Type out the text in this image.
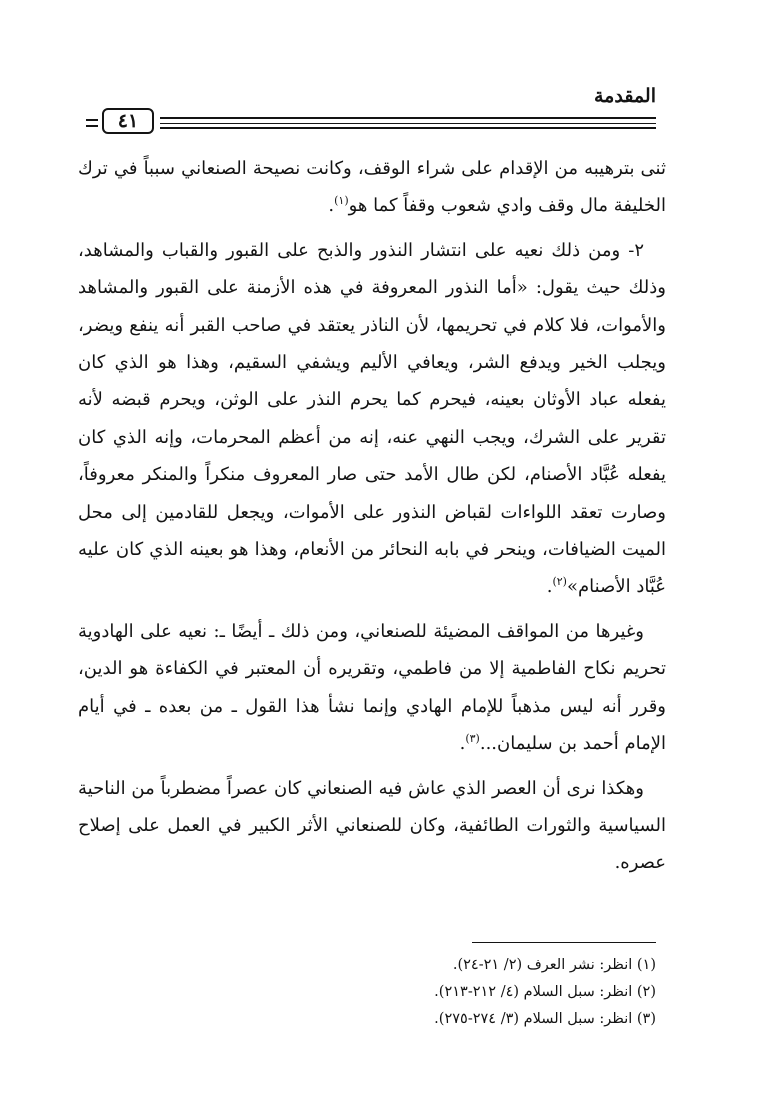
المقدمة
٤١

ثنى بترهيبه من الإقدام على شراء الوقف، وكانت نصيحة الصنعاني سبباً في ترك الخليفة مال وقف وادي شعوب وقفاً كما هو$^{(١)}$.

٢- ومن ذلك نعيه على انتشار النذور والذبح على القبور والقباب والمشاهد، وذلك حيث يقول: «أما النذور المعروفة في هذه الأزمنة على القبور والمشاهد والأموات، فلا كلام في تحريمها، لأن الناذر يعتقد في صاحب القبر أنه ينفع ويضر، ويجلب الخير ويدفع الشر، ويعافي الأليم ويشفي السقيم، وهذا هو الذي كان يفعله عباد الأوثان بعينه، فيحرم كما يحرم النذر على الوثن، ويحرم قبضه لأنه تقرير على الشرك، ويجب النهي عنه، إنه من أعظم المحرمات، وإنه الذي كان يفعله عُبَّاد الأصنام، لكن طال الأمد حتى صار المعروف منكراً والمنكر معروفاً، وصارت تعقد اللواءات لقباض النذور على الأموات، ويجعل للقادمين إلى محل الميت الضيافات، وينحر في بابه النحائر من الأنعام، وهذا هو بعينه الذي كان عليه عُبَّاد الأصنام»$^{(٢)}$.

وغيرها من المواقف المضيئة للصنعاني، ومن ذلك ـ أيضًا ـ: نعيه على الهادوية تحريم نكاح الفاطمية إلا من فاطمي، وتقريره أن المعتبر في الكفاءة هو الدين، وقرر أنه ليس مذهباً للإمام الهادي وإنما نشأ هذا القول ـ من بعده ـ في أيام الإمام أحمد بن سليمان...$^{(٣)}$.

وهكذا نرى أن العصر الذي عاش فيه الصنعاني كان عصراً مضطرباً من الناحية السياسية والثورات الطائفية، وكان للصنعاني الأثر الكبير في العمل على إصلاح عصره.

(١) انظر: نشر العرف (٢/ ٢١-٢٤).
(٢) انظر: سبل السلام (٤/ ٢١٢-٢١٣).
(٣) انظر: سبل السلام (٣/ ٢٧٤-٢٧٥).
